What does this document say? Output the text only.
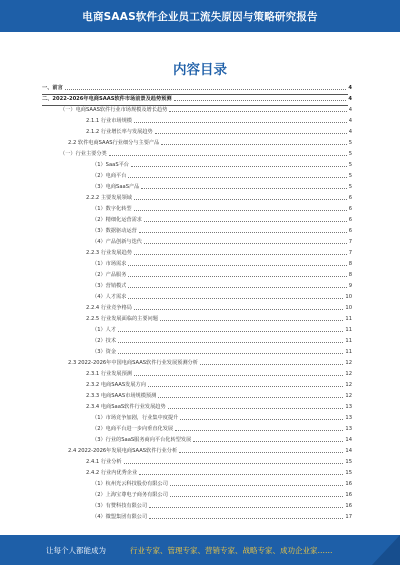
电商SAAS软件企业员工流失原因与策略研究报告
内容目录
一、前言	4
二、2022-2026年电商SAAS软件市场前景及趋势预测	4
（一）电商SAAS软件行业市场规模及增长趋势	4
2.1.1 行业市场规模	4
2.1.2 行业增长率与发展趋势	4
2.2 软件电商SAAS行业细分与主要产品	5
（一）行业主要分类	5
（1）SaaS平台	5
（2）电商平台	5
（3）电商SaaS产品	5
2.2.2 主要发展领域	6
（1）数字化转型	6
（2）精细化运营需求	6
（3）数据驱动运营	6
（4）产品创新与迭代	7
2.2.3 行业发展趋势	7
（1）市场需求	8
（2）产品服务	8
（3）营销模式	9
（4）人才需求	10
2.2.4 行业竞争格局	10
2.2.5 行业发展面临的主要问题	11
（1）人才	11
（2）技术	11
（3）资金	11
2.3 2022-2026年中国电商SAAS软件行业发展预测分析	12
2.3.1 行业发展预测	12
2.3.2 电商SAAS发展方向	12
2.3.3 电商SAAS市场规模预测	12
2.3.4 电商SaaS软件行业发展趋势	13
（1）市场竞争加剧，行业集中度提升	13
（2）电商平台进一步向垂直化发展	13
（3）行业的SaaS服务商向平台化转型发展	14
2.4 2022-2026年发展电商SAAS软件行业分析	14
2.4.1 行业分析	15
2.4.2 行业内优秀企业	15
（1）杭州光云科技股份有限公司	16
（2）上海宝尊电子商务有限公司	16
（3）有赞科技有限公司	16
（4）微盟集团有限公司	17
让每个人都能成为	行业专家、管理专家、营销专家、战略专家、成功企业家……
